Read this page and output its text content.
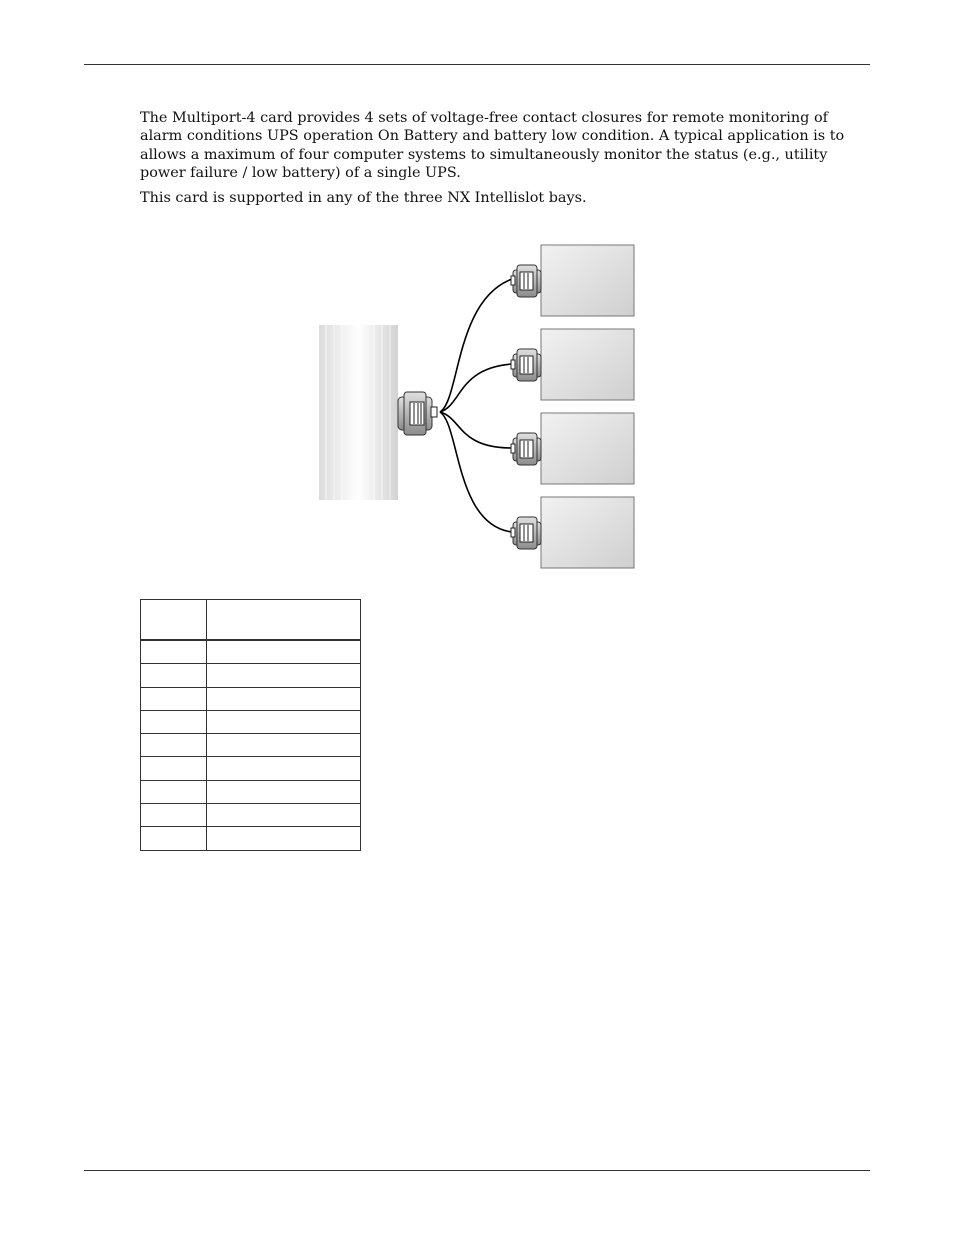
The Multiport-4 card provides 4 sets of voltage-free contact closures for remote monitoring of alarm conditions UPS operation On Battery and battery low condition. A typical application is to allows a maximum of four computer systems to simultaneously monitor the status (e.g., utility power failure / low battery) of a single UPS.

This card is supported in any of the three NX Intellislot bays.
